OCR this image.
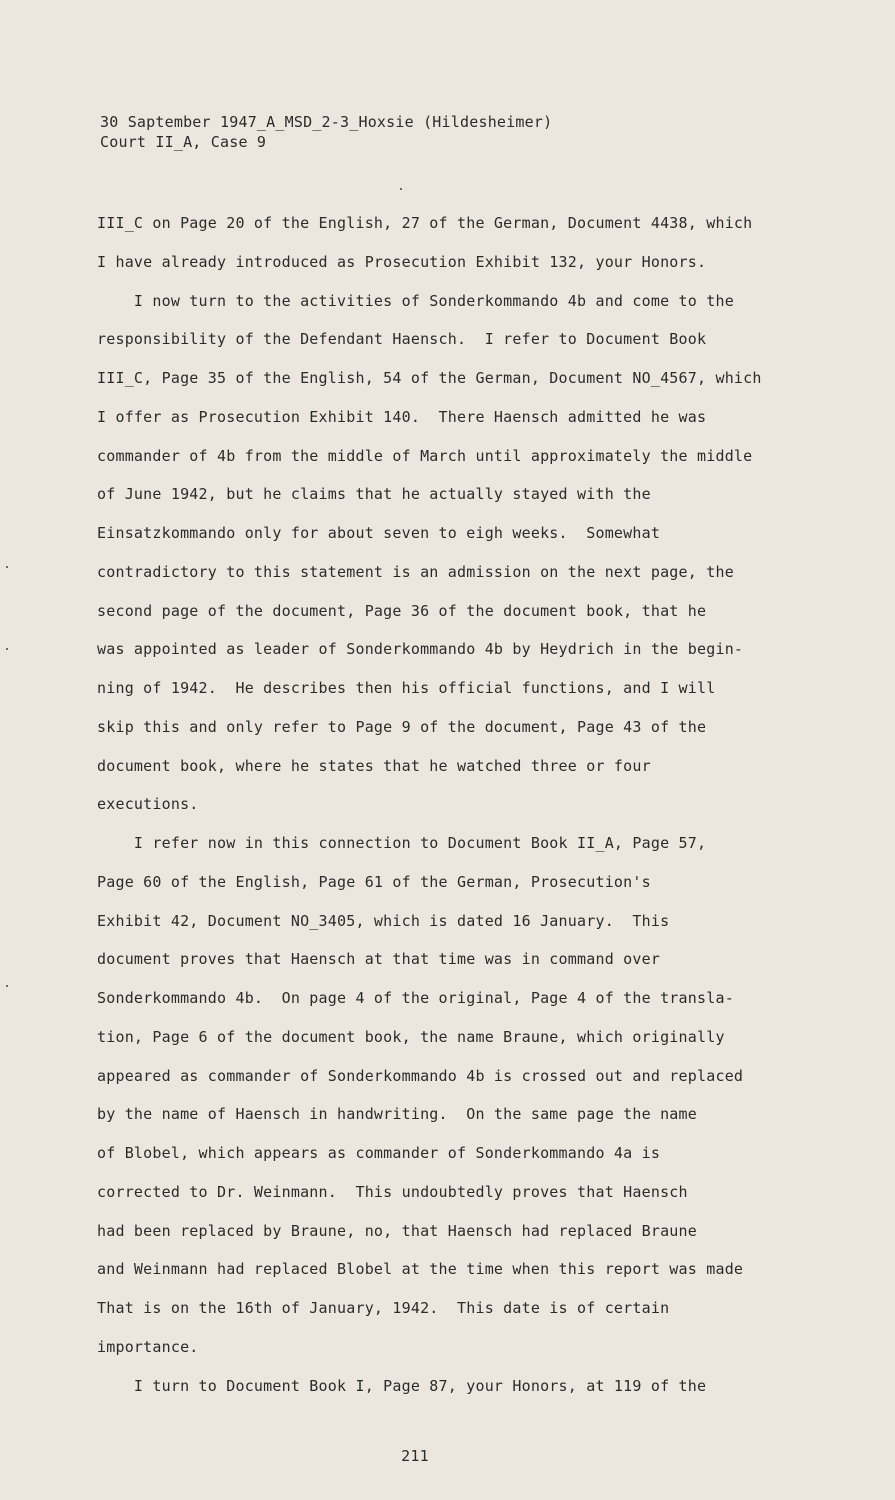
30 Saptember 1947_A_MSD_2-3_Hoxsie (Hildesheimer)
Court II_A, Case 9
III_C on Page 20 of the English, 27 of the German, Document 4438, which
I have already introduced as Prosecution Exhibit 132, your Honors.
I now turn to the activities of Sonderkommando 4b and come to the
responsibility of the Defendant Haensch.  I refer to Document Book
III_C, Page 35 of the English, 54 of the German, Document NO_4567, which
I offer as Prosecution Exhibit 140.  There Haensch admitted he was
commander of 4b from the middle of March until approximately the middle
of June 1942, but he claims that he actually stayed with the
Einsatzkommando only for about seven to eigh weeks.  Somewhat
contradictory to this statement is an admission on the next page, the
second page of the document, Page 36 of the document book, that he
was appointed as leader of Sonderkommando 4b by Heydrich in the begin-
ning of 1942.  He describes then his official functions, and I will
skip this and only refer to Page 9 of the document, Page 43 of the
document book, where he states that he watched three or four
executions.
I refer now in this connection to Document Book II_A, Page 57,
Page 60 of the English, Page 61 of the German, Prosecution's
Exhibit 42, Document NO_3405, which is dated 16 January.  This
document proves that Haensch at that time was in command over
Sonderkommando 4b.  On page 4 of the original, Page 4 of the transla-
tion, Page 6 of the document book, the name Braune, which originally
appeared as commander of Sonderkommando 4b is crossed out and replaced
by the name of Haensch in handwriting.  On the same page the name
of Blobel, which appears as commander of Sonderkommando 4a is
corrected to Dr. Weinmann.  This undoubtedly proves that Haensch
had been replaced by Braune, no, that Haensch had replaced Braune
and Weinmann had replaced Blobel at the time when this report was made
That is on the 16th of January, 1942.  This date is of certain
importance.
I turn to Document Book I, Page 87, your Honors, at 119 of the
211
